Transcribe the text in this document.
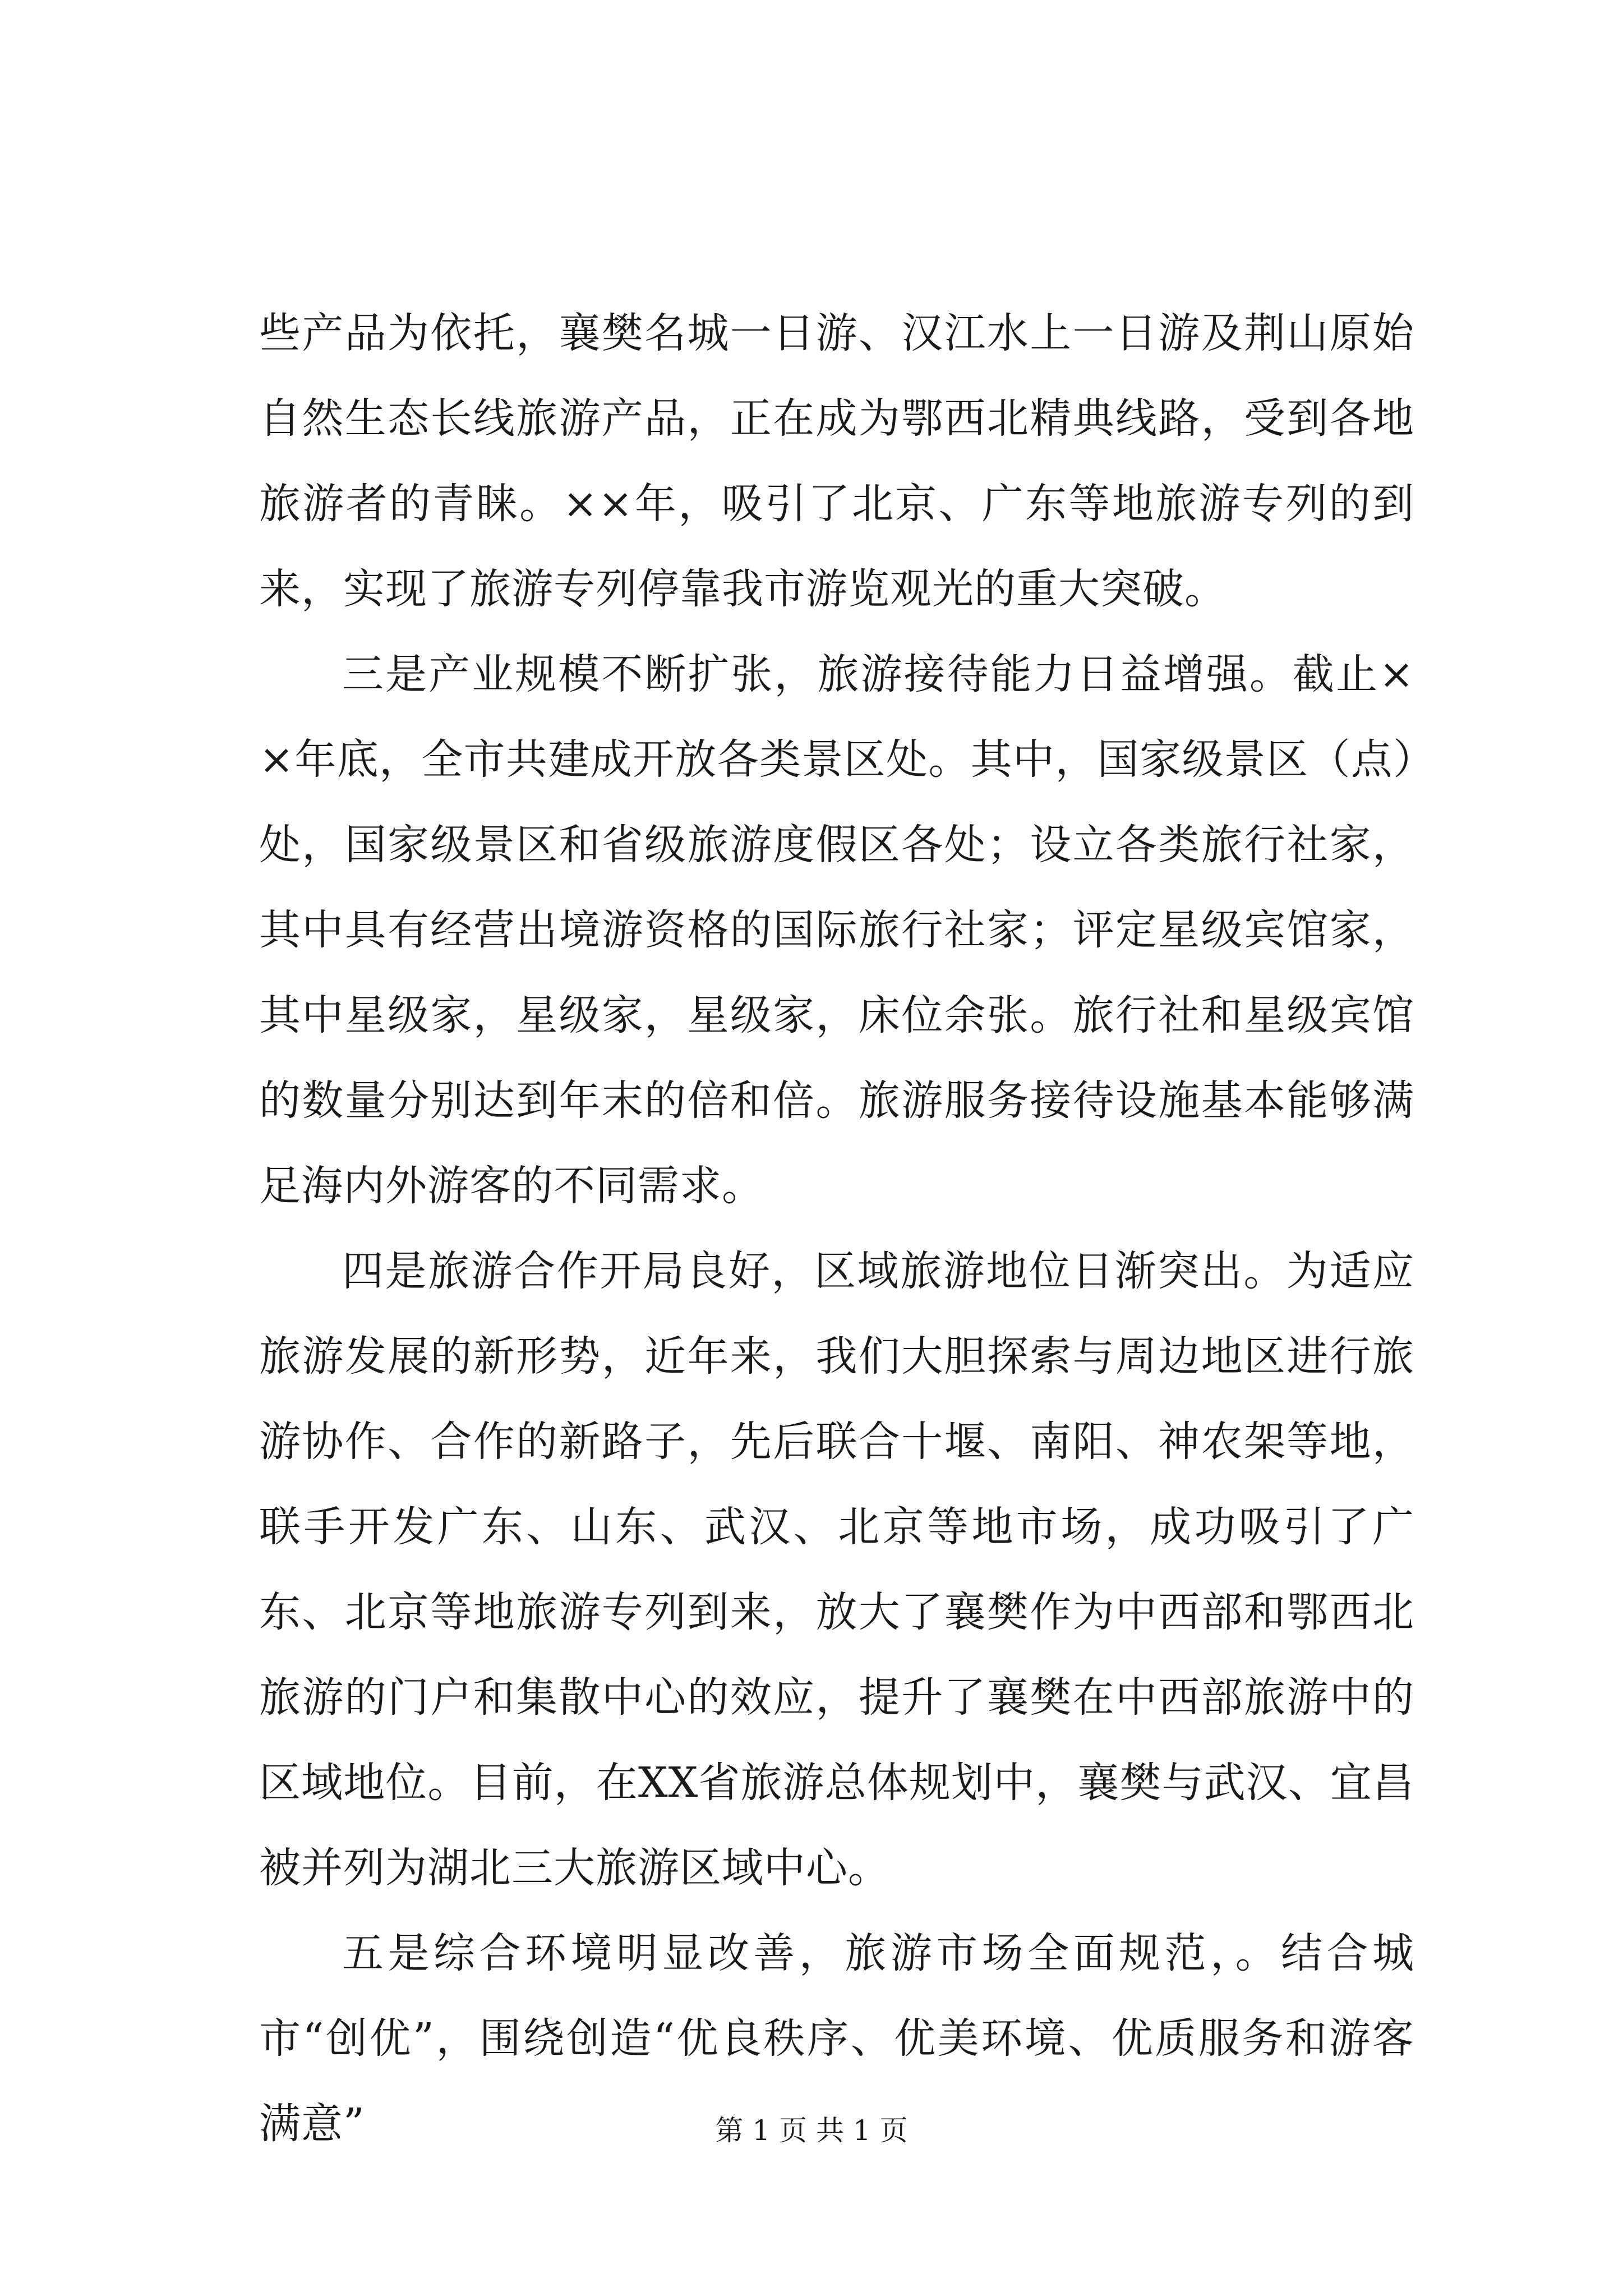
些产品为依托，襄樊名城一日游、汉江水上一日游及荆山原始自然生态长线旅游产品，正在成为鄂西北精典线路，受到各地旅游者的青睐。××年，吸引了北京、广东等地旅游专列的到来，实现了旅游专列停靠我市游览观光的重大突破。

三是产业规模不断扩张，旅游接待能力日益增强。截止××年底，全市共建成开放各类景区处。其中，国家级景区（点）处，国家级景区和省级旅游度假区各处；设立各类旅行社家，其中具有经营出境游资格的国际旅行社家；评定星级宾馆家，其中星级家，星级家，星级家，床位余张。旅行社和星级宾馆的数量分别达到年末的倍和倍。旅游服务接待设施基本能够满足海内外游客的不同需求。

四是旅游合作开局良好，区域旅游地位日渐突出。为适应旅游发展的新形势，近年来，我们大胆探索与周边地区进行旅游协作、合作的新路子，先后联合十堰、南阳、神农架等地，联手开发广东、山东、武汉、北京等地市场，成功吸引了广东、北京等地旅游专列到来，放大了襄樊作为中西部和鄂西北旅游的门户和集散中心的效应，提升了襄樊在中西部旅游中的区域地位。目前，在XX省旅游总体规划中，襄樊与武汉、宜昌被并列为湖北三大旅游区域中心。

五是综合环境明显改善，旅游市场全面规范，。结合城市“创优”，围绕创造“优良秩序、优美环境、优质服务和游客满意”	第 1 页 共 1 页
